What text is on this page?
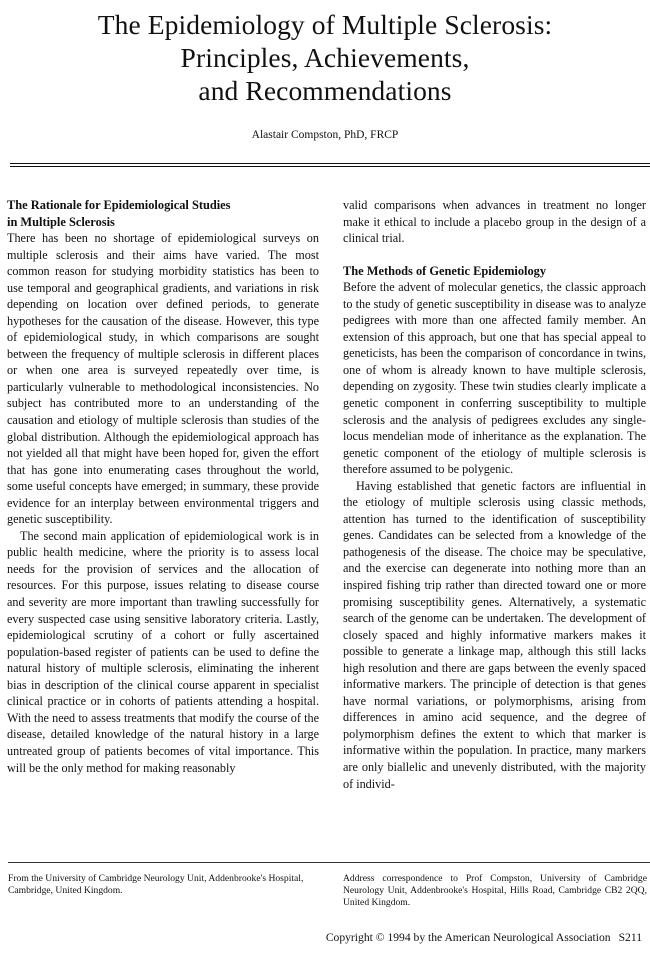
The Epidemiology of Multiple Sclerosis:
Principles, Achievements,
and Recommendations
Alastair Compston, PhD, FRCP
The Rationale for Epidemiological Studies
in Multiple Sclerosis

There has been no shortage of epidemiological surveys on multiple sclerosis and their aims have varied. The most common reason for studying morbidity statistics has been to use temporal and geographical gradients, and variations in risk depending on location over defined periods, to generate hypotheses for the causation of the disease. However, this type of epidemiological study, in which comparisons are sought between the frequency of multiple sclerosis in different places or when one area is surveyed repeatedly over time, is particularly vulnerable to methodological inconsistencies. No subject has contributed more to an understanding of the causation and etiology of multiple sclerosis than studies of the global distribution. Although the epidemiological approach has not yielded all that might have been hoped for, given the effort that has gone into enumerating cases throughout the world, some useful concepts have emerged; in summary, these provide evidence for an interplay between environmental triggers and genetic susceptibility.

The second main application of epidemiological work is in public health medicine, where the priority is to assess local needs for the provision of services and the allocation of resources. For this purpose, issues relating to disease course and severity are more important than trawling successfully for every suspected case using sensitive laboratory criteria. Lastly, epidemiological scrutiny of a cohort or fully ascertained population-based register of patients can be used to define the natural history of multiple sclerosis, eliminating the inherent bias in description of the clinical course apparent in specialist clinical practice or in cohorts of patients attending a hospital. With the need to assess treatments that modify the course of the disease, detailed knowledge of the natural history in a large untreated group of patients becomes of vital importance. This will be the only method for making reasonably

valid comparisons when advances in treatment no longer make it ethical to include a placebo group in the design of a clinical trial.

The Methods of Genetic Epidemiology

Before the advent of molecular genetics, the classic approach to the study of genetic susceptibility in disease was to analyze pedigrees with more than one affected family member. An extension of this approach, but one that has special appeal to geneticists, has been the comparison of concordance in twins, one of whom is already known to have multiple sclerosis, depending on zygosity. These twin studies clearly implicate a genetic component in conferring susceptibility to multiple sclerosis and the analysis of pedigrees excludes any single-locus mendelian mode of inheritance as the explanation. The genetic component of the etiology of multiple sclerosis is therefore assumed to be polygenic.

Having established that genetic factors are influential in the etiology of multiple sclerosis using classic methods, attention has turned to the identification of susceptibility genes. Candidates can be selected from a knowledge of the pathogenesis of the disease. The choice may be speculative, and the exercise can degenerate into nothing more than an inspired fishing trip rather than directed toward one or more promising susceptibility genes. Alternatively, a systematic search of the genome can be undertaken. The development of closely spaced and highly informative markers makes it possible to generate a linkage map, although this still lacks high resolution and there are gaps between the evenly spaced informative markers. The principle of detection is that genes have normal variations, or polymorphisms, arising from differences in amino acid sequence, and the degree of polymorphism defines the extent to which that marker is informative within the population. In practice, many markers are only biallelic and unevenly distributed, with the majority of individ-

From the University of Cambridge Neurology Unit, Addenbrooke's Hospital, Cambridge, United Kingdom.
Address correspondence to Prof Compston, University of Cambridge Neurology Unit, Addenbrooke's Hospital, Hills Road, Cambridge CB2 2QQ, United Kingdom.
Copyright © 1994 by the American Neurological Association S211
